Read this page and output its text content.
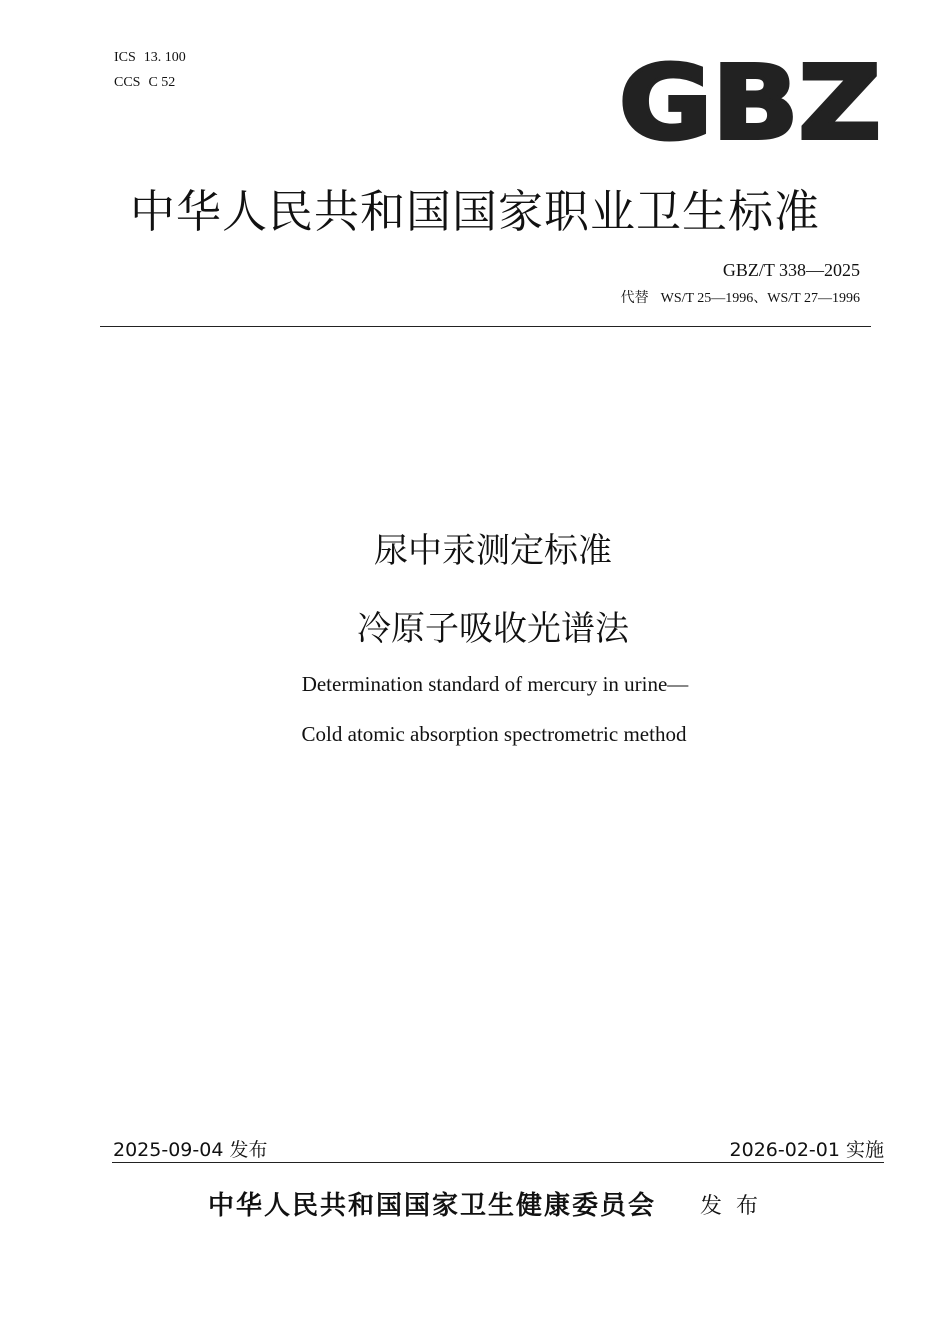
ICS 13. 100
CCS C 52	GBZ
中华人民共和国国家职业卫生标准
GBZ/T 338—2025
代替 WS/T 25—1996、WS/T 27—1996
尿中汞测定标准
冷原子吸收光谱法
Determination standard of mercury in urine—
Cold atomic absorption spectrometric method
2025-09-04 发布	2026-02-01 实施
中华人民共和国国家卫生健康委员会 发布
